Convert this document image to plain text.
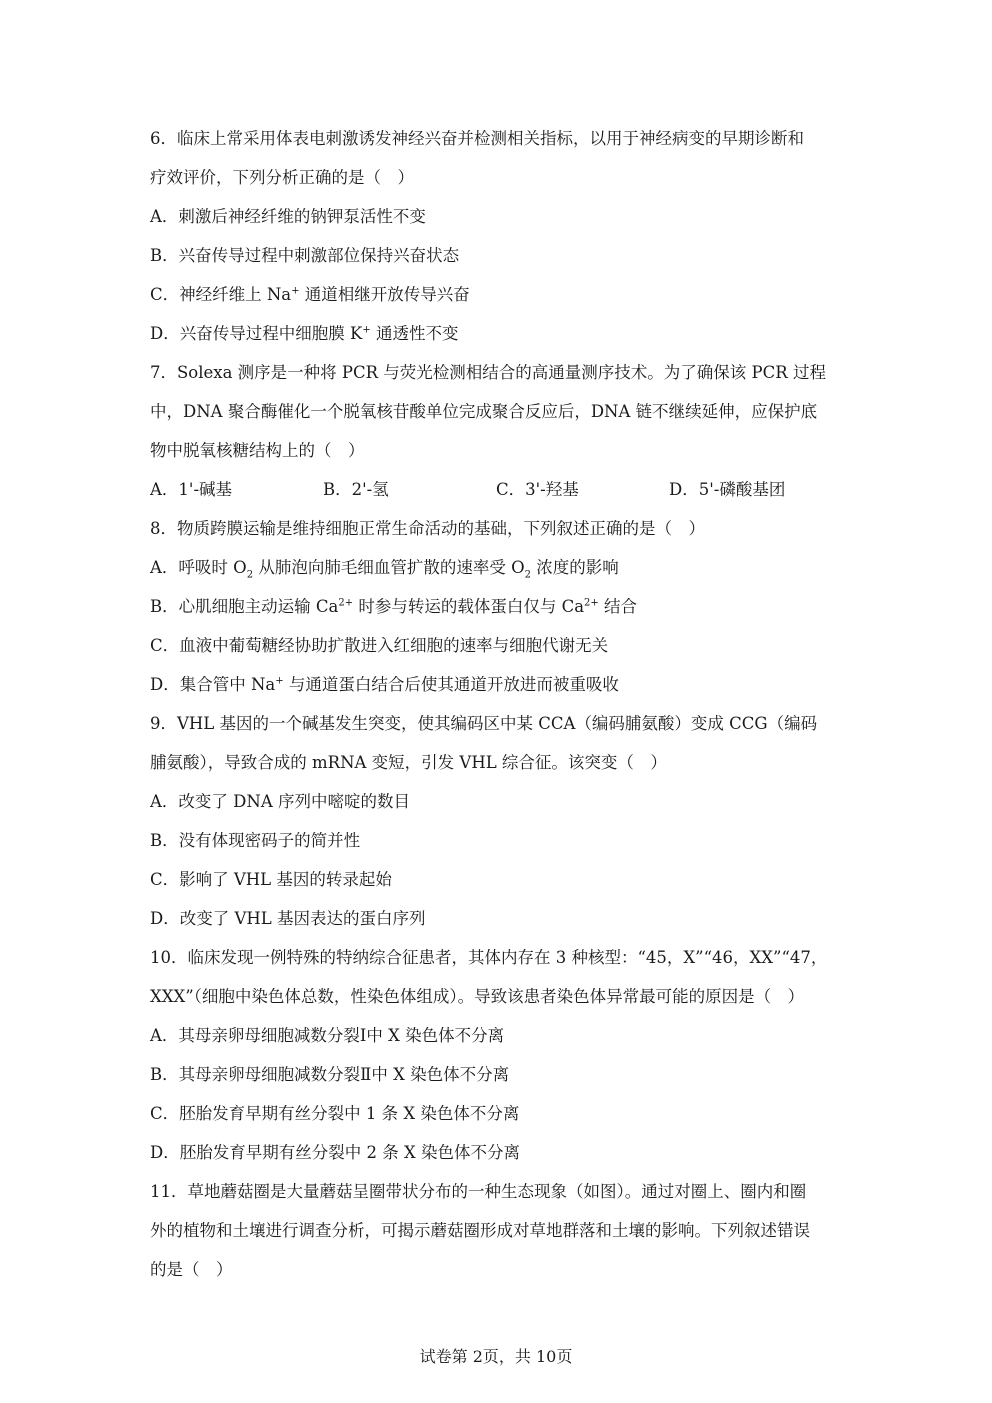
6．临床上常采用体表电刺激诱发神经兴奋并检测相关指标，以用于神经病变的早期诊断和
疗效评价，下列分析正确的是（　）
A．刺激后神经纤维的钠钾泵活性不变
B．兴奋传导过程中刺激部位保持兴奋状态
C．神经纤维上 Na+ 通道相继开放传导兴奋
D．兴奋传导过程中细胞膜 K+ 通透性不变
7．Solexa 测序是一种将 PCR 与荧光检测相结合的高通量测序技术。为了确保该 PCR 过程
中，DNA 聚合酶催化一个脱氧核苷酸单位完成聚合反应后，DNA 链不继续延伸，应保护底
物中脱氧核糖结构上的（　）
A．1'-碱基	B．2'-氢	C．3'-羟基	D．5'-磷酸基团
8．物质跨膜运输是维持细胞正常生命活动的基础，下列叙述正确的是（　）
A．呼吸时 $O_2$ 从肺泡向肺毛细血管扩散的速率受 $O_2$ 浓度的影响
B．心肌细胞主动运输 $Ca^{2+}$ 时参与转运的载体蛋白仅与 $Ca^{2+}$ 结合
C．血液中葡萄糖经协助扩散进入红细胞的速率与细胞代谢无关
D．集合管中 Na+ 与通道蛋白结合后使其通道开放进而被重吸收
9．VHL 基因的一个碱基发生突变，使其编码区中某 CCA（编码脯氨酸）变成 CCG（编码
脯氨酸），导致合成的 mRNA 变短，引发 VHL 综合征。该突变（　）
A．改变了 DNA 序列中嘧啶的数目
B．没有体现密码子的简并性
C．影响了 VHL 基因的转录起始
D．改变了 VHL 基因表达的蛋白序列
10．临床发现一例特殊的特纳综合征患者，其体内存在 3 种核型：“45，X”“46，XX”“47，
XXX”（细胞中染色体总数，性染色体组成）。导致该患者染色体异常最可能的原因是（　）
A．其母亲卵母细胞减数分裂Ⅰ中 X 染色体不分离
B．其母亲卵母细胞减数分裂Ⅱ中 X 染色体不分离
C．胚胎发育早期有丝分裂中 1 条 X 染色体不分离
D．胚胎发育早期有丝分裂中 2 条 X 染色体不分离
11．草地蘑菇圈是大量蘑菇呈圈带状分布的一种生态现象（如图）。通过对圈上、圈内和圈
外的植物和土壤进行调查分析，可揭示蘑菇圈形成对草地群落和土壤的影响。下列叙述错误
的是（　）
试卷第 2页，共 10页
